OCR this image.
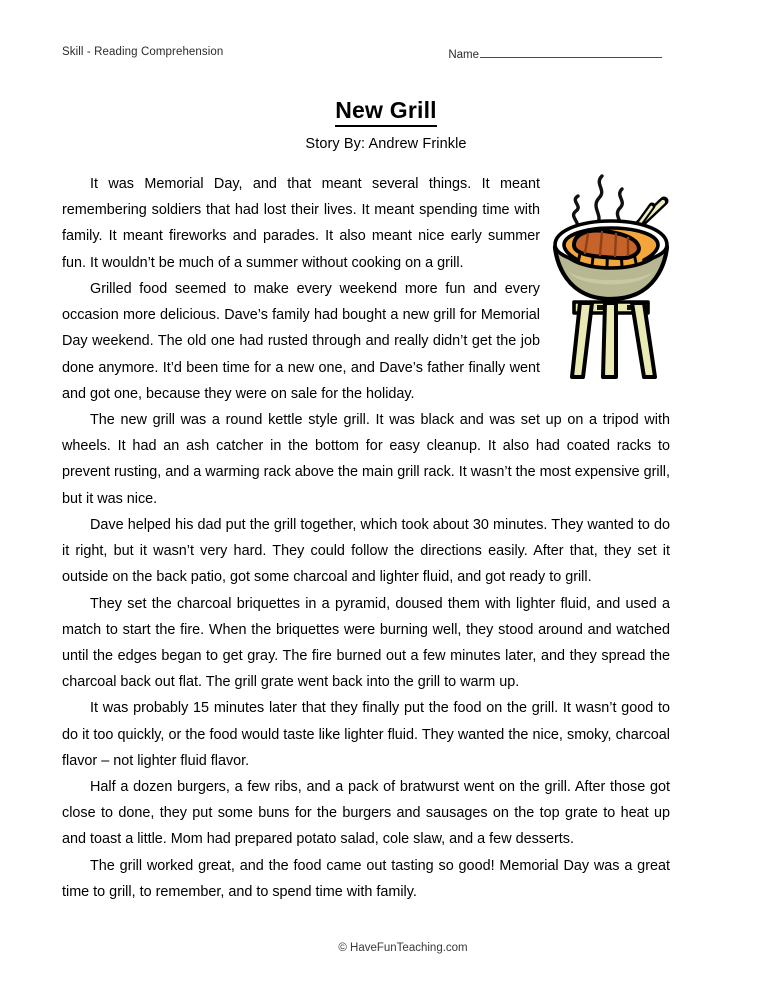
Skill - Reading Comprehension	Name
New Grill
Story By: Andrew Frinkle

It was Memorial Day, and that meant several things. It meant remembering soldiers that had lost their lives. It meant spending time with family. It meant fireworks and parades. It also meant nice early summer fun. It wouldn’t be much of a summer without cooking on a grill.

Grilled food seemed to make every weekend more fun and every occasion more delicious. Dave’s family had bought a new grill for Memorial Day weekend. The old one had rusted through and really didn’t get the job done anymore. It’d been time for a new one, and Dave’s father finally went and got one, because they were on sale for the holiday.

The new grill was a round kettle style grill. It was black and was set up on a tripod with wheels. It had an ash catcher in the bottom for easy cleanup. It also had coated racks to prevent rusting, and a warming rack above the main grill rack. It wasn’t the most expensive grill, but it was nice.

Dave helped his dad put the grill together, which took about 30 minutes. They wanted to do it right, but it wasn’t very hard. They could follow the directions easily. After that, they set it outside on the back patio, got some charcoal and lighter fluid, and got ready to grill.

They set the charcoal briquettes in a pyramid, doused them with lighter fluid, and used a match to start the fire. When the briquettes were burning well, they stood around and watched until the edges began to get gray. The fire burned out a few minutes later, and they spread the charcoal back out flat. The grill grate went back into the grill to warm up.

It was probably 15 minutes later that they finally put the food on the grill. It wasn’t good to do it too quickly, or the food would taste like lighter fluid. They wanted the nice, smoky, charcoal flavor – not lighter fluid flavor.

Half a dozen burgers, a few ribs, and a pack of bratwurst went on the grill. After those got close to done, they put some buns for the burgers and sausages on the top grate to heat up and toast a little. Mom had prepared potato salad, cole slaw, and a few desserts.

The grill worked great, and the food came out tasting so good! Memorial Day was a great time to grill, to remember, and to spend time with family.

© HaveFunTeaching.com
